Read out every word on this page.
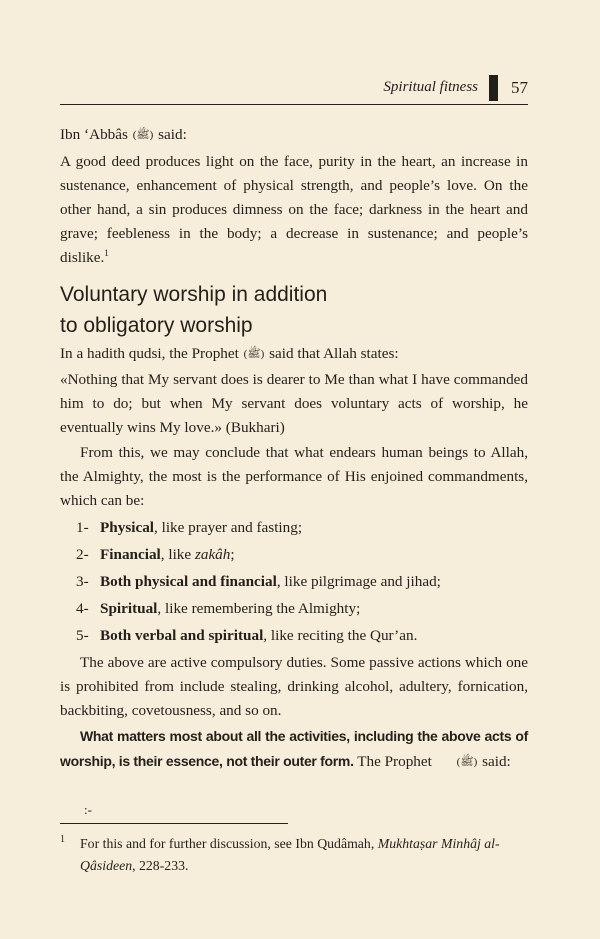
Spiritual fitness 57

Ibn ‘Abbâs (ﷺ) said:

A good deed produces light on the face, purity in the heart, an increase in sustenance, enhancement of physical strength, and people’s love. On the other hand, a sin produces dimness on the face; darkness in the heart and grave; feebleness in the body; a decrease in sustenance; and people’s dislike.$^1$

Voluntary worship in addition
to obligatory worship

In a hadith qudsi, the Prophet (ﷺ) said that Allah states:

«Nothing that My servant does is dearer to Me than what I have commanded him to do; but when My servant does voluntary acts of worship, he eventually wins My love.» (Bukhari)

From this, we may conclude that what endears human beings to Allah, the Almighty, the most is the performance of His enjoined commandments, which can be:

1- Physical, like prayer and fasting;
2- Financial, like zakâh;
3- Both physical and financial, like pilgrimage and jihad;
4- Spiritual, like remembering the Almighty;
5- Both verbal and spiritual, like reciting the Qur’an.

The above are active compulsory duties. Some passive actions which one is prohibited from include stealing, drinking alcohol, adultery, fornication, backbiting, covetousness, and so on.

What matters most about all the activities, including the above acts of worship, is their essence, not their outer form. The Prophet (ﷺ) said:

:-

1	For this and for further discussion, see Ibn Qudâmah, Mukhtaṣar Minhâj al-Qâsideen, 228-233.
